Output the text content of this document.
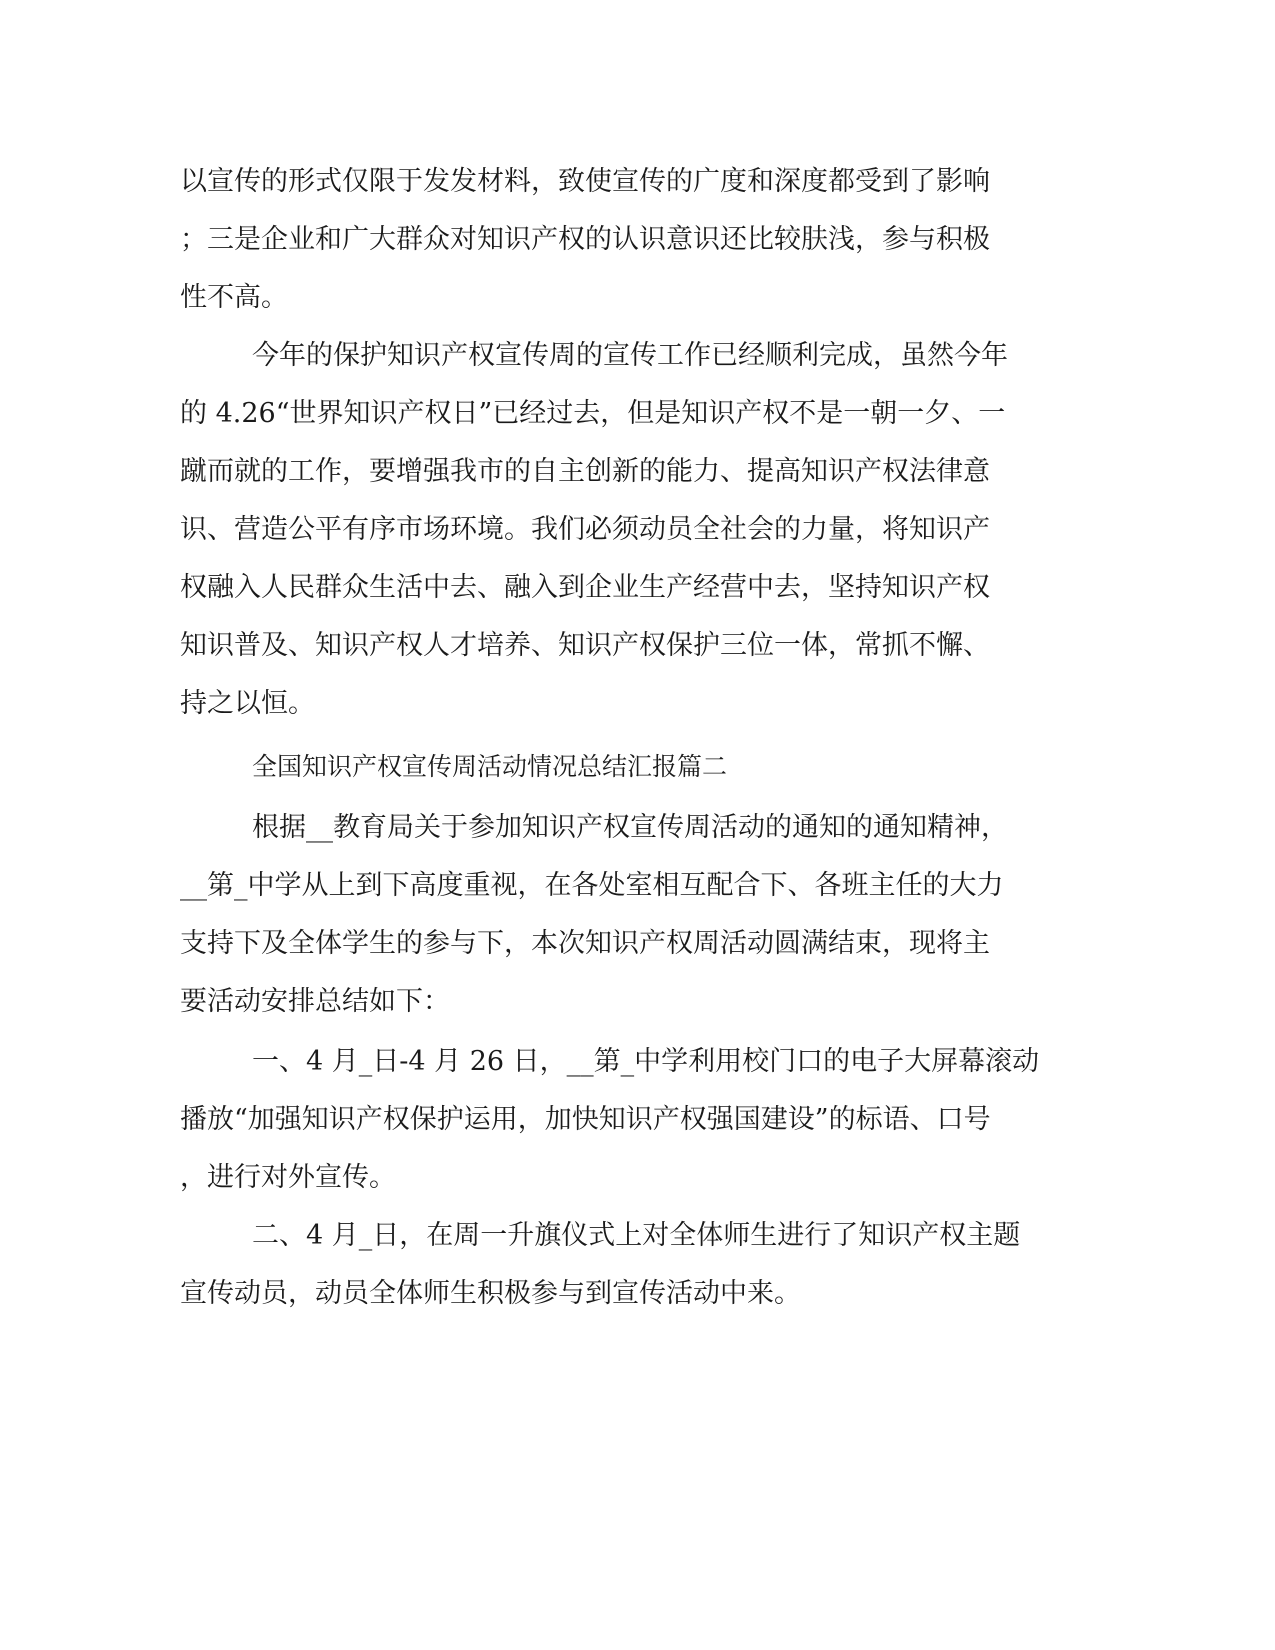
以宣传的形式仅限于发发材料，致使宣传的广度和深度都受到了影响
；三是企业和广大群众对知识产权的认识意识还比较肤浅，参与积极
性不高。
今年的保护知识产权宣传周的宣传工作已经顺利完成，虽然今年
的 4.26“世界知识产权日”已经过去，但是知识产权不是一朝一夕、一
蹴而就的工作，要增强我市的自主创新的能力、提高知识产权法律意
识、营造公平有序市场环境。我们必须动员全社会的力量，将知识产
权融入人民群众生活中去、融入到企业生产经营中去，坚持知识产权
知识普及、知识产权人才培养、知识产权保护三位一体，常抓不懈、
持之以恒。
全国知识产权宣传周活动情况总结汇报篇二
根据__教育局关于参加知识产权宣传周活动的通知的通知精神，
__第_中学从上到下高度重视，在各处室相互配合下、各班主任的大力
支持下及全体学生的参与下，本次知识产权周活动圆满结束，现将主
要活动安排总结如下：
一、4 月_日-4 月 26 日，__第_中学利用校门口的电子大屏幕滚动
播放“加强知识产权保护运用，加快知识产权强国建设”的标语、口号
，进行对外宣传。
二、4 月_日，在周一升旗仪式上对全体师生进行了知识产权主题
宣传动员，动员全体师生积极参与到宣传活动中来。
